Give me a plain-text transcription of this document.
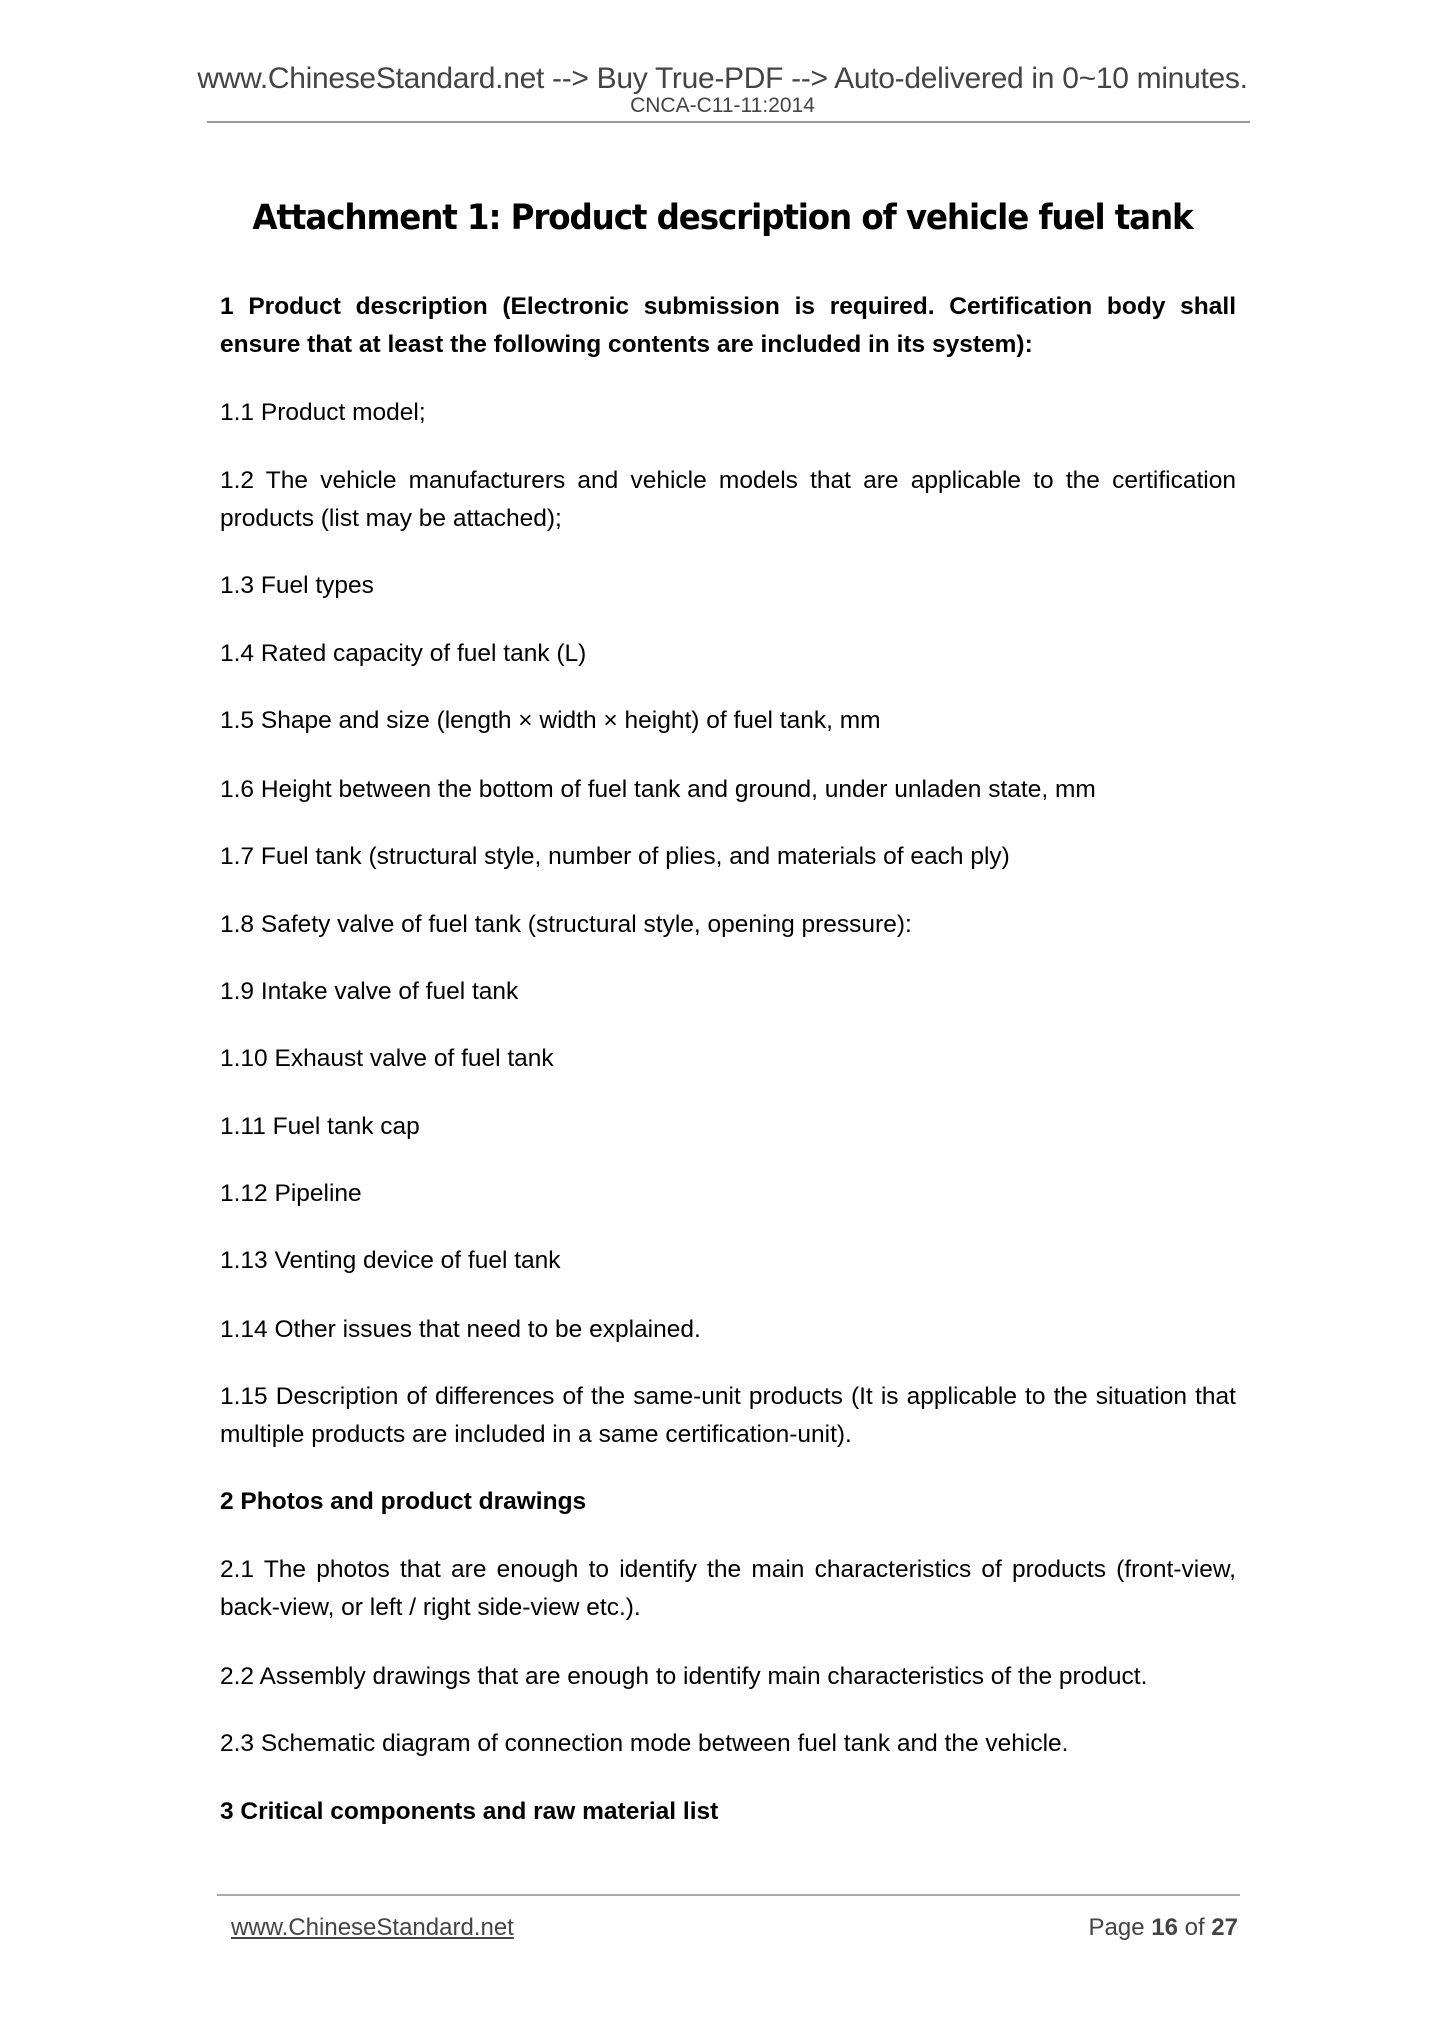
www.ChineseStandard.net --> Buy True-PDF --> Auto-delivered in 0~10 minutes.
CNCA-C11-11:2014
Attachment 1: Product description of vehicle fuel tank
1 Product description (Electronic submission is required. Certification body shall ensure that at least the following contents are included in its system):
1.1 Product model;
1.2 The vehicle manufacturers and vehicle models that are applicable to the certification products (list may be attached);
1.3 Fuel types
1.4 Rated capacity of fuel tank (L)
1.5 Shape and size (length × width × height) of fuel tank, mm
1.6 Height between the bottom of fuel tank and ground, under unladen state, mm
1.7 Fuel tank (structural style, number of plies, and materials of each ply)
1.8 Safety valve of fuel tank (structural style, opening pressure):
1.9 Intake valve of fuel tank
1.10 Exhaust valve of fuel tank
1.11 Fuel tank cap
1.12 Pipeline
1.13 Venting device of fuel tank
1.14 Other issues that need to be explained.
1.15 Description of differences of the same-unit products (It is applicable to the situation that multiple products are included in a same certification-unit).
2 Photos and product drawings
2.1 The photos that are enough to identify the main characteristics of products (front-view, back-view, or left / right side-view etc.).
2.2 Assembly drawings that are enough to identify main characteristics of the product.
2.3 Schematic diagram of connection mode between fuel tank and the vehicle.
3 Critical components and raw material list
www.ChineseStandard.net	Page 16 of 27
